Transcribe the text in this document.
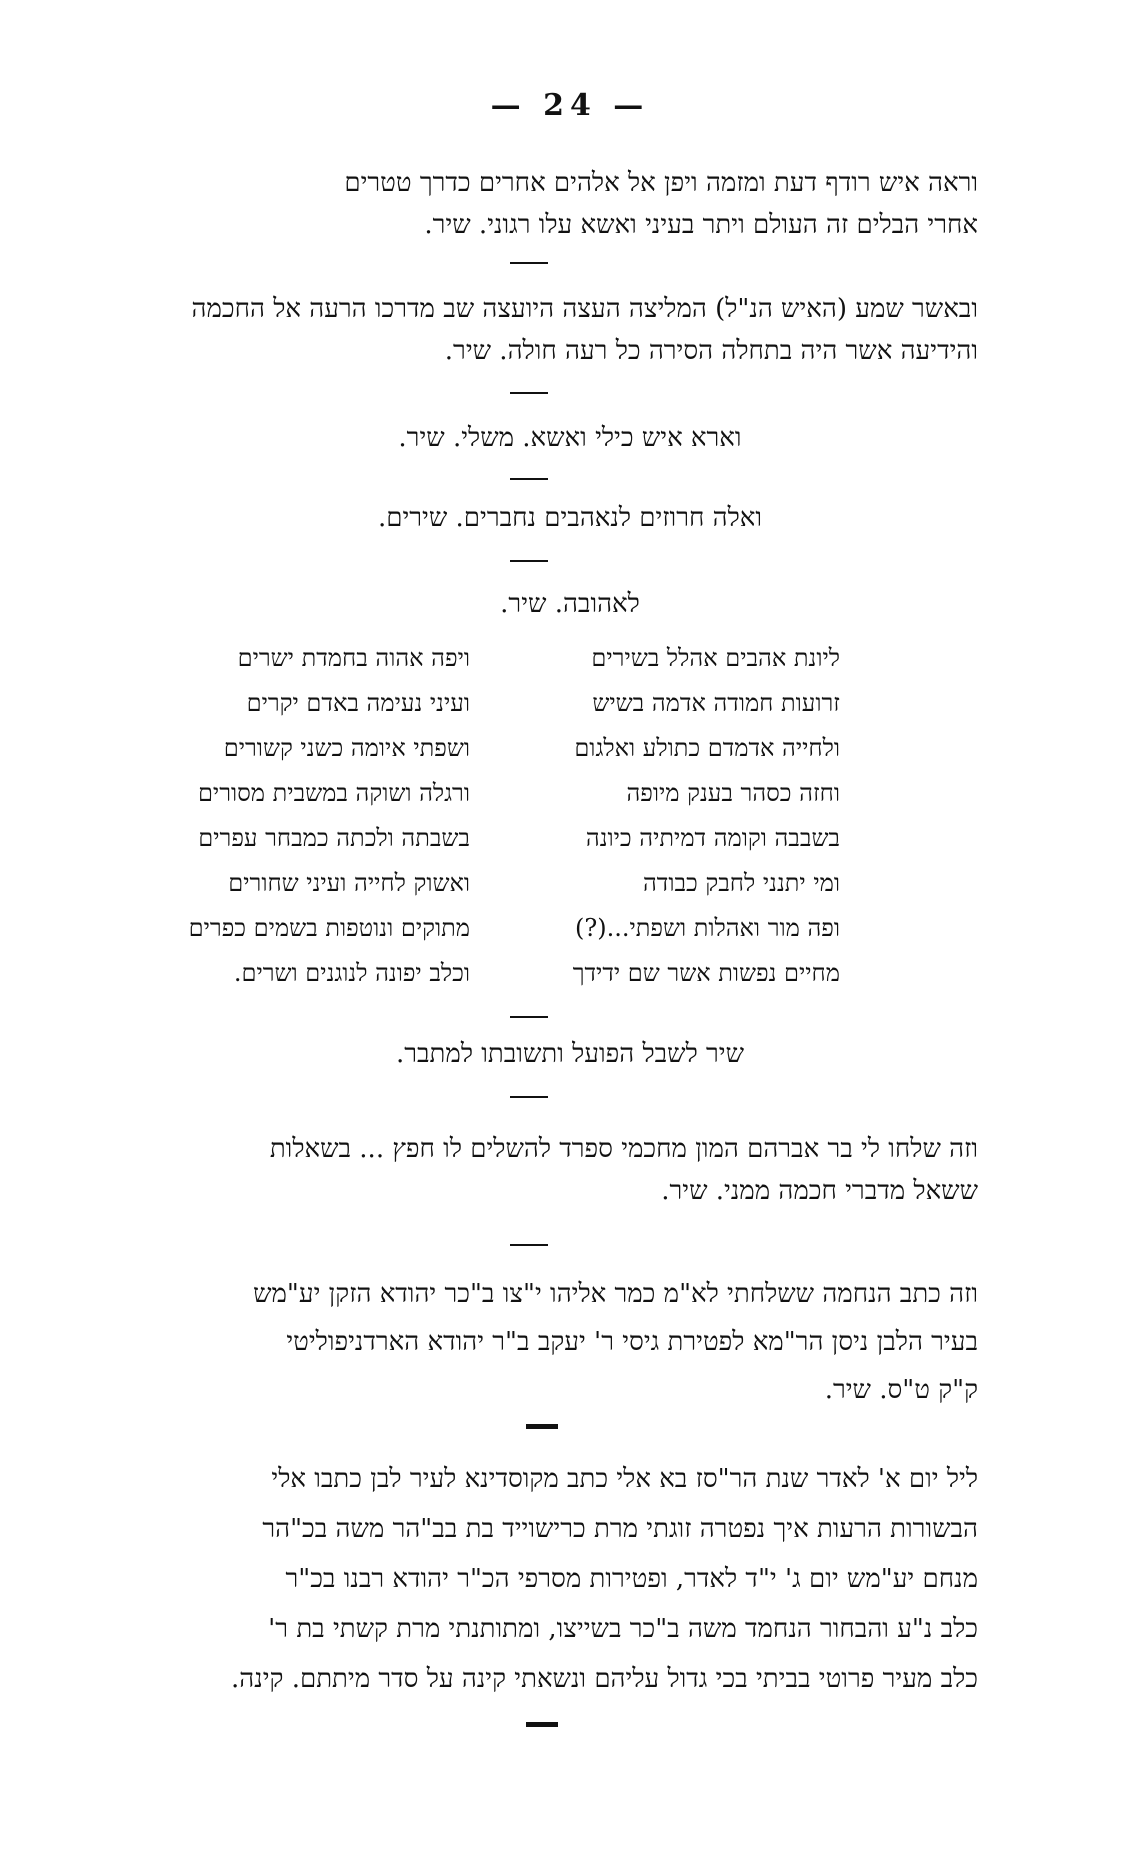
— 24 —

וראה איש רודף דעת ומזמה ויפן אל אלהים אחרים כדרך טטרים

אחרי הבלים זה העולם ויתר בעיני ואשא עלו רגוני. שיר.

ובאשר שמע (האיש הנ"ל) המליצה העצה היועצה שב מדרכו הרעה אל החכמה

והידיעה אשר היה בתחלה הסירה כל רעה חולה. שיר.

וארא איש כילי ואשא. משלי. שיר.
ואלה חרוזים לנאהבים נחברים. שירים.
לאהובה. שיר.
ליונת אהבים אהלל בשירים
ויפה אהוה בחמדת ישרים
זרועות חמודה אדמה בשיש
ועיני נעימה באדם יקרים
ולחייה אדמדם כתולע ואלגום
ושפתי איומה כשני קשורים
וחזה כסהר בענק מיופה
ורגלה ושוקה במשבית מסורים
בשבבה וקומה דמיתיה כיונה
בשבתה ולכתה כמבחר עפרים
ומי יתנני לחבק כבודה
ואשוק לחייה ועיני שחורים
ופה מור ואהלות ושפתי...(?)
מתוקים ונוטפות בשמים כפרים
מחיים נפשות אשר שם ידידך
וכלב יפונה לנוגנים ושרים.
שיר לשבל הפועל ותשובתו למתבר.

וזה שלחו לי בר אברהם המון מחכמי ספרד להשלים לו חפץ ... בשאלות

ששאל מדברי חכמה ממני. שיר.

וזה כתב הנחמה ששלחתי לא"מ כמר אליהו י"צו ב"כר יהודא הזקן יע"מש

בעיר הלבן ניסן הר"מא לפטירת גיסי ר' יעקב ב"ר יהודא הארדניפוליטי

ק"ק ט"ס. שיר.

ליל יום א' לאדר שנת הר"סז בא אלי כתב מקוסדינא לעיר לבן כתבו אלי

הבשורות הרעות איך נפטרה זוגתי מרת כרישוייד בת בב"הר משה בכ"הר

מנחם יע"מש יום ג' י"ד לאדר, ופטירות מסרפי הכ"ר יהודא רבנו בכ"ר

כלב נ"ע והבחור הנחמד משה ב"כר בשייצו, ומתותנתי מרת קשתי בת ר'

כלב מעיר פרוטי בביתי בכי גדול עליהם ונשאתי קינה על סדר מיתתם. קינה.
